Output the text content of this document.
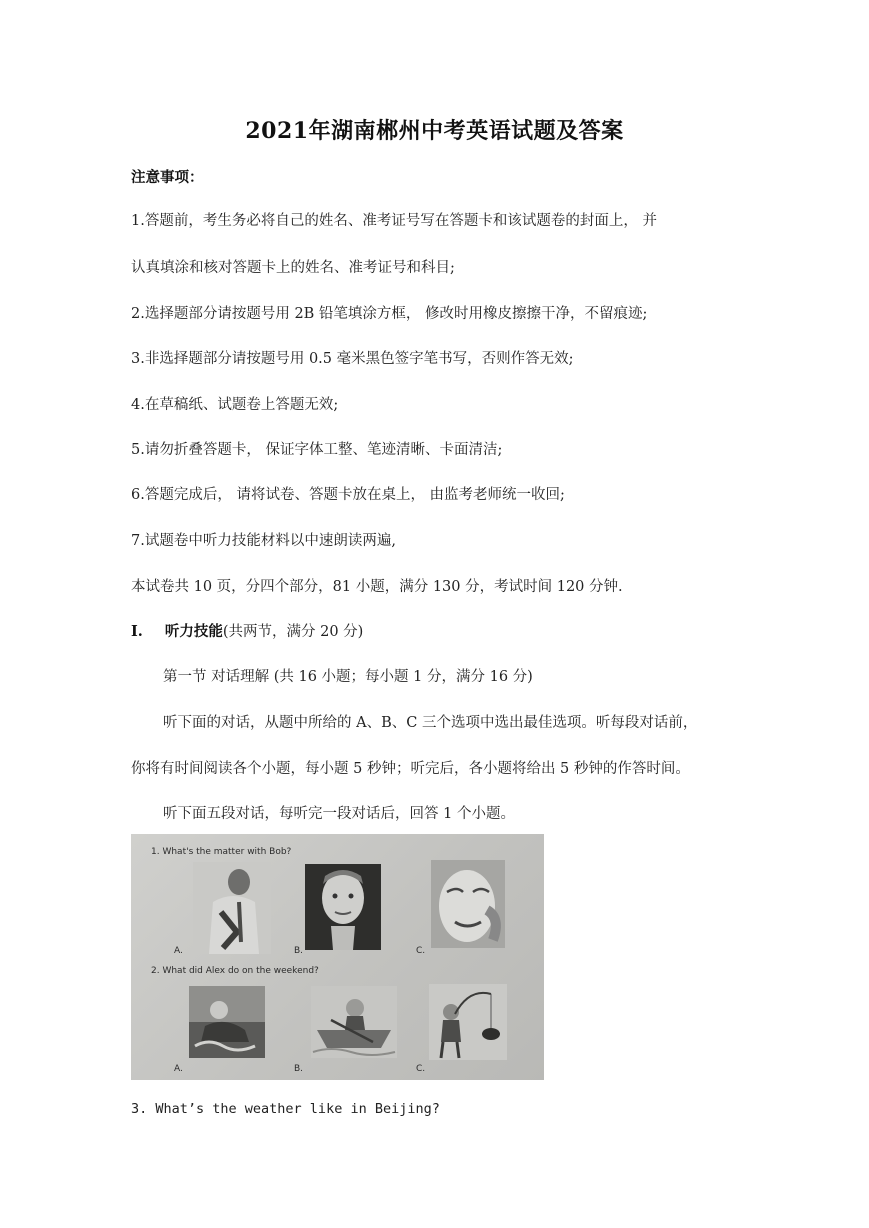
2021年湖南郴州中考英语试题及答案
注意事项：
1.答题前，考生务必将自己的姓名、准考证号写在答题卡和该试题卷的封面上， 并
认真填涂和核对答题卡上的姓名、准考证号和科目;
2.选择题部分请按题号用 2B 铅笔填涂方框， 修改时用橡皮擦擦干净，不留痕迹;
3.非选择题部分请按题号用 0.5 毫米黑色签字笔书写，否则作答无效;
4.在草稿纸、试题卷上答题无效;
5.请勿折叠答题卡， 保证字体工整、笔迹清晰、卡面清洁;
6.答题完成后， 请将试卷、答题卡放在桌上， 由监考老师统一收回;
7.试题卷中听力技能材料以中速朗读两遍,
本试卷共 10 页，分四个部分，81 小题，满分 130 分，考试时间 120 分钟.
I. 听力技能(共两节，满分 20 分)
第一节 对话理解 (共 16 小题；每小题 1 分，满分 16 分)
听下面的对话，从题中所给的 A、B、C 三个选项中选出最佳选项。听每段对话前，
你将有时间阅读各个小题，每小题 5 秒钟；听完后，各小题将给出 5 秒钟的作答时间。
听下面五段对话，每听完一段对话后，回答 1 个小题。
1. What's the matter with Bob?
A.	B.	C.
2. What did Alex do on the weekend?
A.	B.	C.
3. What’s the weather like in Beijing?
